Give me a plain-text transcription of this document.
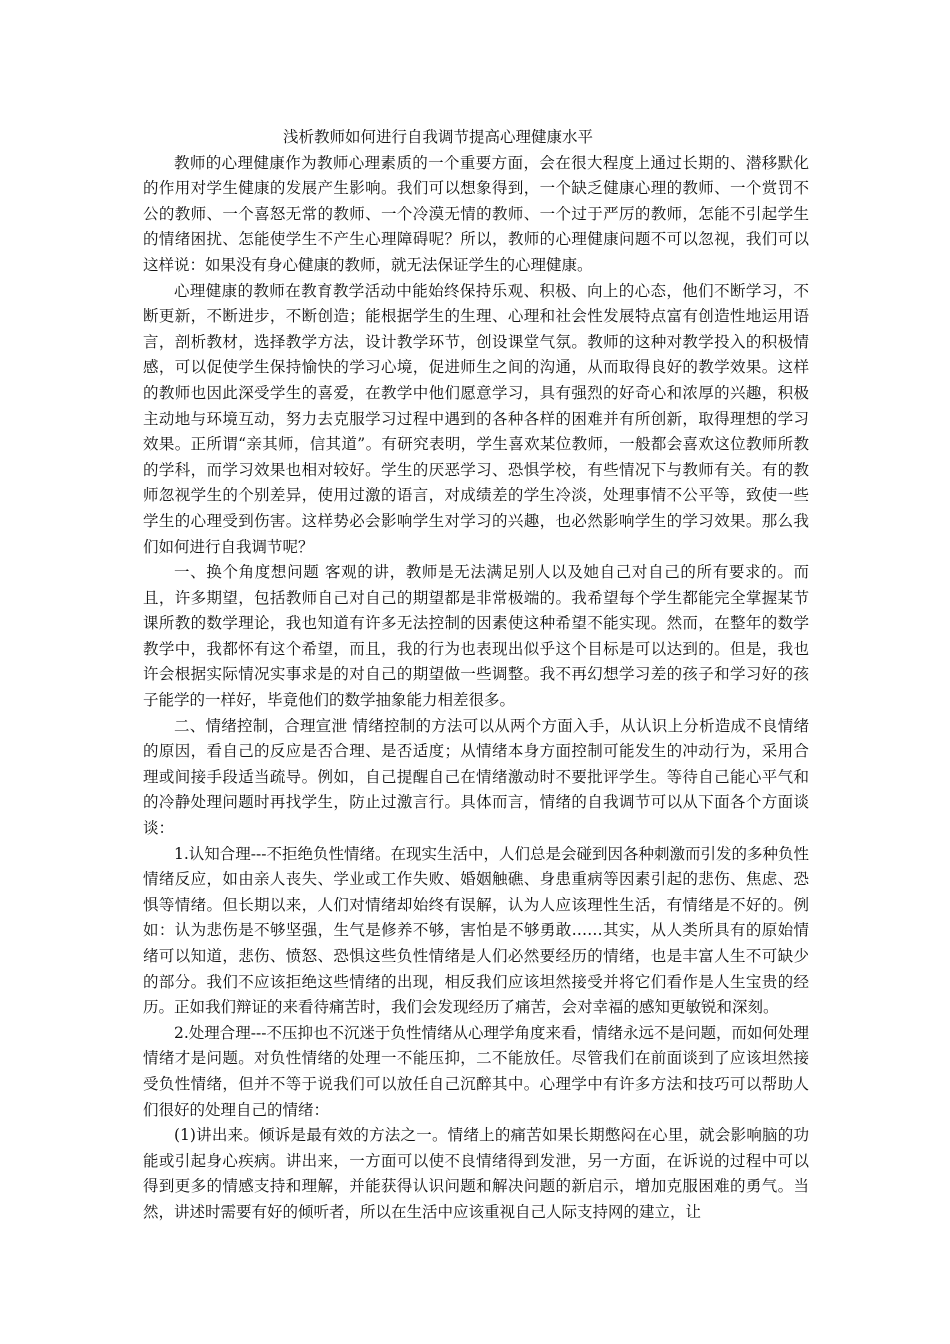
浅析教师如何进行自我调节提高心理健康水平

教师的心理健康作为教师心理素质的一个重要方面，会在很大程度上通过长期的、潜移默化的作用对学生健康的发展产生影响。我们可以想象得到，一个缺乏健康心理的教师、一个赏罚不公的教师、一个喜怒无常的教师、一个冷漠无情的教师、一个过于严厉的教师，怎能不引起学生的情绪困扰、怎能使学生不产生心理障碍呢？所以，教师的心理健康问题不可以忽视，我们可以这样说：如果没有身心健康的教师，就无法保证学生的心理健康。

心理健康的教师在教育教学活动中能始终保持乐观、积极、向上的心态，他们不断学习，不断更新，不断进步，不断创造；能根据学生的生理、心理和社会性发展特点富有创造性地运用语言，剖析教材，选择教学方法，设计教学环节，创设课堂气氛。教师的这种对教学投入的积极情感，可以促使学生保持愉快的学习心境，促进师生之间的沟通，从而取得良好的教学效果。这样的教师也因此深受学生的喜爱，在教学中他们愿意学习，具有强烈的好奇心和浓厚的兴趣，积极主动地与环境互动，努力去克服学习过程中遇到的各种各样的困难并有所创新，取得理想的学习效果。正所谓“亲其师，信其道”。有研究表明，学生喜欢某位教师，一般都会喜欢这位教师所教的学科，而学习效果也相对较好。学生的厌恶学习、恐惧学校，有些情况下与教师有关。有的教师忽视学生的个别差异，使用过激的语言，对成绩差的学生冷淡，处理事情不公平等，致使一些学生的心理受到伤害。这样势必会影响学生对学习的兴趣，也必然影响学生的学习效果。那么我们如何进行自我调节呢？

一、换个角度想问题 客观的讲，教师是无法满足别人以及她自己对自己的所有要求的。而且，许多期望，包括教师自己对自己的期望都是非常极端的。我希望每个学生都能完全掌握某节课所教的数学理论，我也知道有许多无法控制的因素使这种希望不能实现。然而，在整年的数学教学中，我都怀有这个希望，而且，我的行为也表现出似乎这个目标是可以达到的。但是，我也许会根据实际情况实事求是的对自己的期望做一些调整。我不再幻想学习差的孩子和学习好的孩子能学的一样好，毕竟他们的数学抽象能力相差很多。

二、情绪控制，合理宣泄 情绪控制的方法可以从两个方面入手，从认识上分析造成不良情绪的原因，看自己的反应是否合理、是否适度；从情绪本身方面控制可能发生的冲动行为，采用合理或间接手段适当疏导。例如，自己提醒自己在情绪激动时不要批评学生。等待自己能心平气和的冷静处理问题时再找学生，防止过激言行。具体而言，情绪的自我调节可以从下面各个方面谈谈：

1.认知合理---不拒绝负性情绪。在现实生活中，人们总是会碰到因各种刺激而引发的多种负性情绪反应，如由亲人丧失、学业或工作失败、婚姻触礁、身患重病等因素引起的悲伤、焦虑、恐惧等情绪。但长期以来，人们对情绪却始终有误解，认为人应该理性生活，有情绪是不好的。例如：认为悲伤是不够坚强，生气是修养不够，害怕是不够勇敢……其实，从人类所具有的原始情绪可以知道，悲伤、愤怒、恐惧这些负性情绪是人们必然要经历的情绪，也是丰富人生不可缺少的部分。我们不应该拒绝这些情绪的出现，相反我们应该坦然接受并将它们看作是人生宝贵的经历。正如我们辩证的来看待痛苦时，我们会发现经历了痛苦，会对幸福的感知更敏锐和深刻。

2.处理合理---不压抑也不沉迷于负性情绪从心理学角度来看，情绪永远不是问题，而如何处理情绪才是问题。对负性情绪的处理一不能压抑，二不能放任。尽管我们在前面谈到了应该坦然接受负性情绪，但并不等于说我们可以放任自己沉醉其中。心理学中有许多方法和技巧可以帮助人们很好的处理自己的情绪：

(1)讲出来。倾诉是最有效的方法之一。情绪上的痛苦如果长期憋闷在心里，就会影响脑的功能或引起身心疾病。讲出来，一方面可以使不良情绪得到发泄，另一方面，在诉说的过程中可以得到更多的情感支持和理解，并能获得认识问题和解决问题的新启示，增加克服困难的勇气。当然，讲述时需要有好的倾听者，所以在生活中应该重视自己人际支持网的建立，让
